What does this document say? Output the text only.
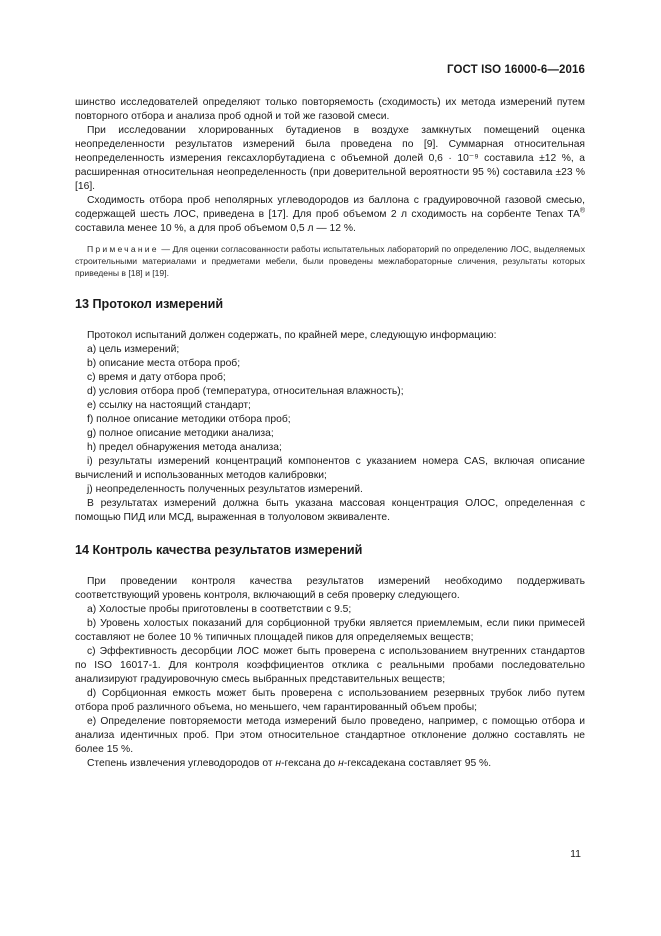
ГОСТ ISO 16000-6—2016

шинство исследователей определяют только повторяемость (сходимость) их метода измерений путем повторного отбора и анализа проб одной и той же газовой смеси.

При исследовании хлорированных бутадиенов в воздухе замкнутых помещений оценка неопределенности результатов измерений была проведена по [9]. Суммарная относительная неопределенность измерения гексахлорбутадиена с объемной долей 0,6 · 10⁻⁹ составила ±12 %, а расширенная относительная неопределенность (при доверительной вероятности 95 %) составила ±23 % [16].

Сходимость отбора проб неполярных углеводородов из баллона с градуировочной газовой смесью, содержащей шесть ЛОС, приведена в [17]. Для проб объемом 2 л сходимость на сорбенте Tenax TA® составила менее 10 %, а для проб объемом 0,5 л — 12 %.

Примечание — Для оценки согласованности работы испытательных лабораторий по определению ЛОС, выделяемых строительными материалами и предметами мебели, были проведены межлабораторные сличения, результаты которых приведены в [18] и [19].

13 Протокол измерений

Протокол испытаний должен содержать, по крайней мере, следующую информацию:

a) цель измерений;

b) описание места отбора проб;

c) время и дату отбора проб;

d) условия отбора проб (температура, относительная влажность);

e) ссылку на настоящий стандарт;

f) полное описание методики отбора проб;

g) полное описание методики анализа;

h) предел обнаружения метода анализа;

i) результаты измерений концентраций компонентов с указанием номера CAS, включая описание вычислений и использованных методов калибровки;

j) неопределенность полученных результатов измерений.

В результатах измерений должна быть указана массовая концентрация ОЛОС, определенная с помощью ПИД или МСД, выраженная в толуоловом эквиваленте.

14 Контроль качества результатов измерений

При проведении контроля качества результатов измерений необходимо поддерживать соответствующий уровень контроля, включающий в себя проверку следующего.

a) Холостые пробы приготовлены в соответствии с 9.5;

b) Уровень холостых показаний для сорбционной трубки является приемлемым, если пики примесей составляют не более 10 % типичных площадей пиков для определяемых веществ;

c) Эффективность десорбции ЛОС может быть проверена с использованием внутренних стандартов по ISO 16017-1. Для контроля коэффициентов отклика с реальными пробами последовательно анализируют градуировочную смесь выбранных представительных веществ;

d) Сорбционная емкость может быть проверена с использованием резервных трубок либо путем отбора проб различного объема, но меньшего, чем гарантированный объем пробы;

e) Определение повторяемости метода измерений было проведено, например, с помощью отбора и анализа идентичных проб. При этом относительное стандартное отклонение должно составлять не более 15 %.

Степень извлечения углеводородов от н-гексана до н-гексадекана составляет 95 %.

11
